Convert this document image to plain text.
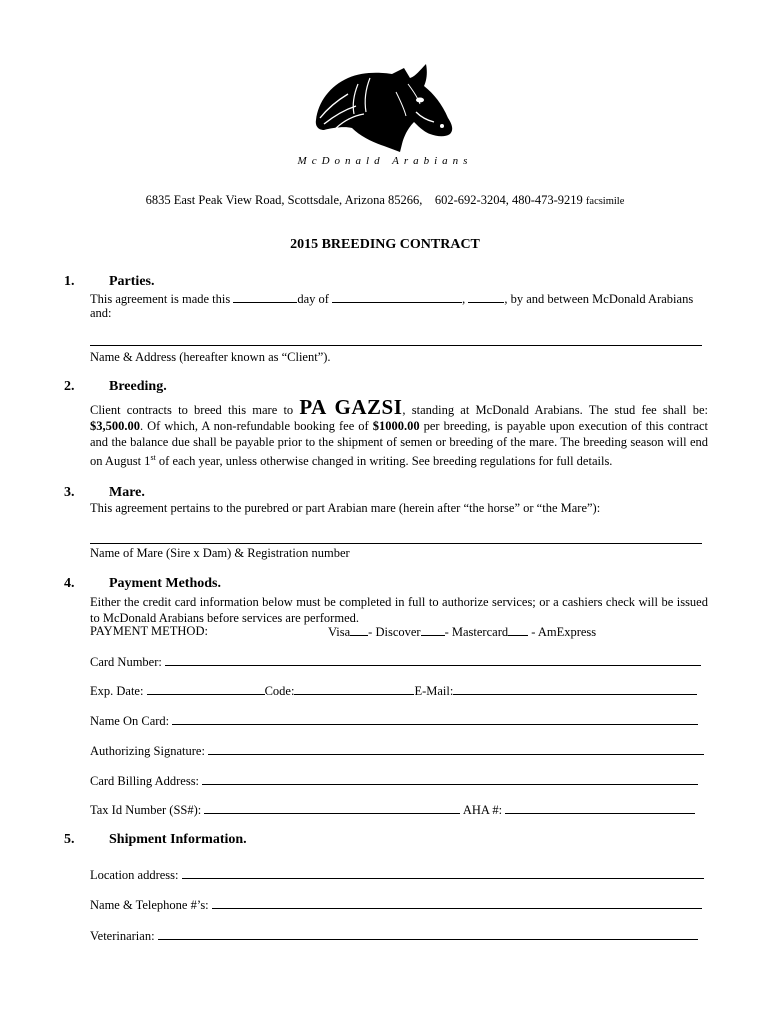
McDonald Arabians
6835 East Peak View Road, Scottsdale, Arizona 85266, 602-692-3204, 480-473-9219 facsimile
2015 BREEDING CONTRACT
1. Parties.
This agreement is made this	day of	,	, by and between McDonald Arabians
and:
Name & Address (hereafter known as “Client”).
2. Breeding.
Client contracts to breed this mare to PA GAZSI, standing at McDonald Arabians. The stud fee shall be: $3,500.00. Of which, A non-refundable booking fee of $1000.00 per breeding, is payable upon execution of this contract and the balance due shall be payable prior to the shipment of semen or breeding of the mare. The breeding season will end on August 1st of each year, unless otherwise changed in writing. See breeding regulations for full details.
3. Mare.
This agreement pertains to the purebred or part Arabian mare (herein after “the horse” or “the Mare”):
Name of Mare (Sire x Dam) & Registration number
4. Payment Methods.
Either the credit card information below must be completed in full to authorize services; or a cashiers check will be issued to McDonald Arabians before services are performed.
PAYMENT METHOD:	Visa - Discover - Mastercard - AmExpress
Card Number:
Exp. Date:	Code:	E-Mail:
Name On Card:
Authorizing Signature:
Card Billing Address:
Tax Id Number (SS#):	AHA #:
5. Shipment Information.
Location address:
Name & Telephone #’s:
Veterinarian:
